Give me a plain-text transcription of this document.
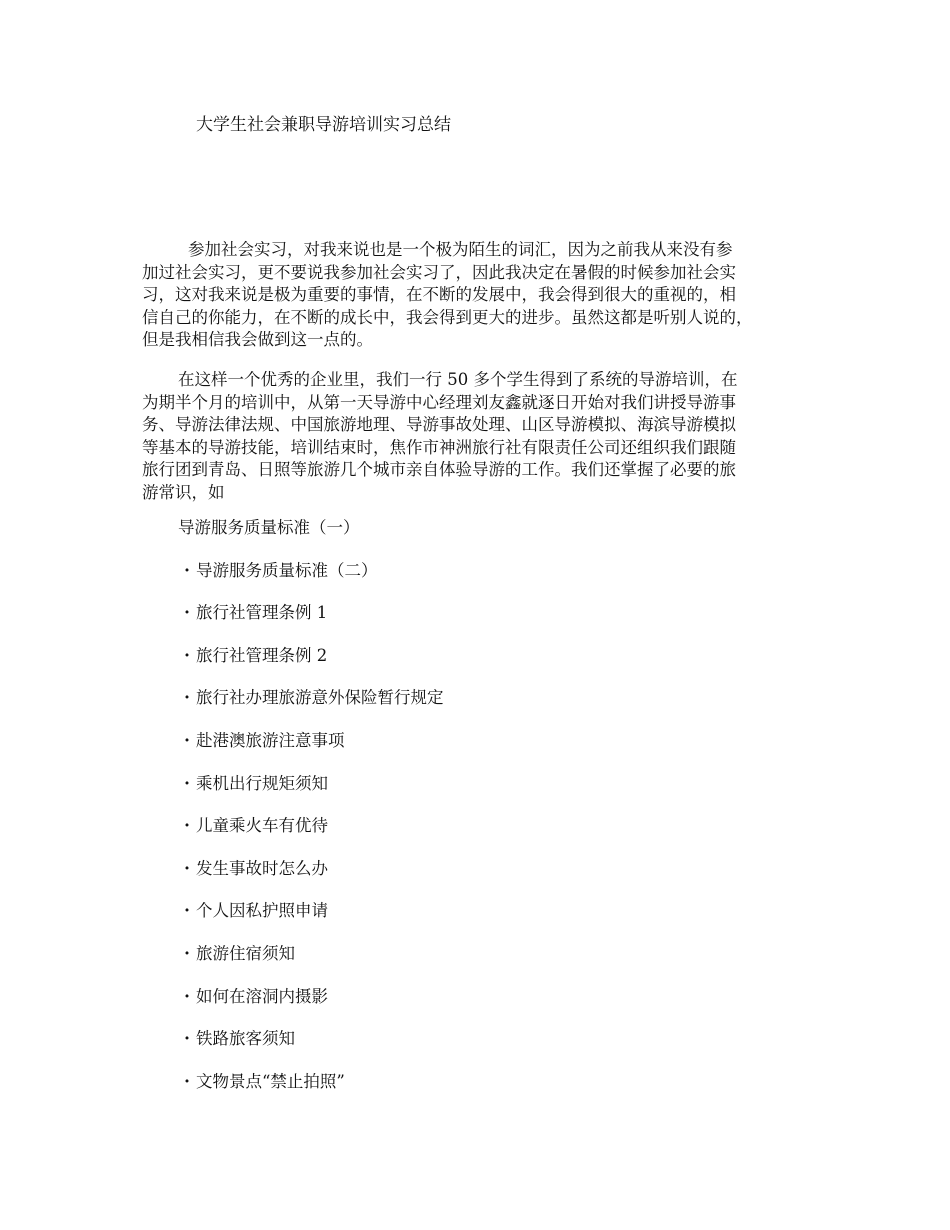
大学生社会兼职导游培训实习总结
参加社会实习，对我来说也是一个极为陌生的词汇，因为之前我从来没有参
加过社会实习，更不要说我参加社会实习了，因此我决定在暑假的时候参加社会实
习，这对我来说是极为重要的事情，在不断的发展中，我会得到很大的重视的，相
信自己的你能力，在不断的成长中，我会得到更大的进步。虽然这都是听别人说的，
但是我相信我会做到这一点的。
在这样一个优秀的企业里，我们一行 50 多个学生得到了系统的导游培训，在
为期半个月的培训中，从第一天导游中心经理刘友鑫就逐日开始对我们讲授导游事
务、导游法律法规、中国旅游地理、导游事故处理、山区导游模拟、海滨导游模拟
等基本的导游技能，培训结束时，焦作市神洲旅行社有限责任公司还组织我们跟随
旅行团到青岛、日照等旅游几个城市亲自体验导游的工作。我们还掌握了必要的旅
游常识，如
导游服务质量标准（一）
· 导游服务质量标准（二）
· 旅行社管理条例 1
· 旅行社管理条例 2
· 旅行社办理旅游意外保险暂行规定
· 赴港澳旅游注意事项
· 乘机出行规矩须知
· 儿童乘火车有优待
· 发生事故时怎么办
· 个人因私护照申请
· 旅游住宿须知
· 如何在溶洞内摄影
· 铁路旅客须知
· 文物景点“禁止拍照”
